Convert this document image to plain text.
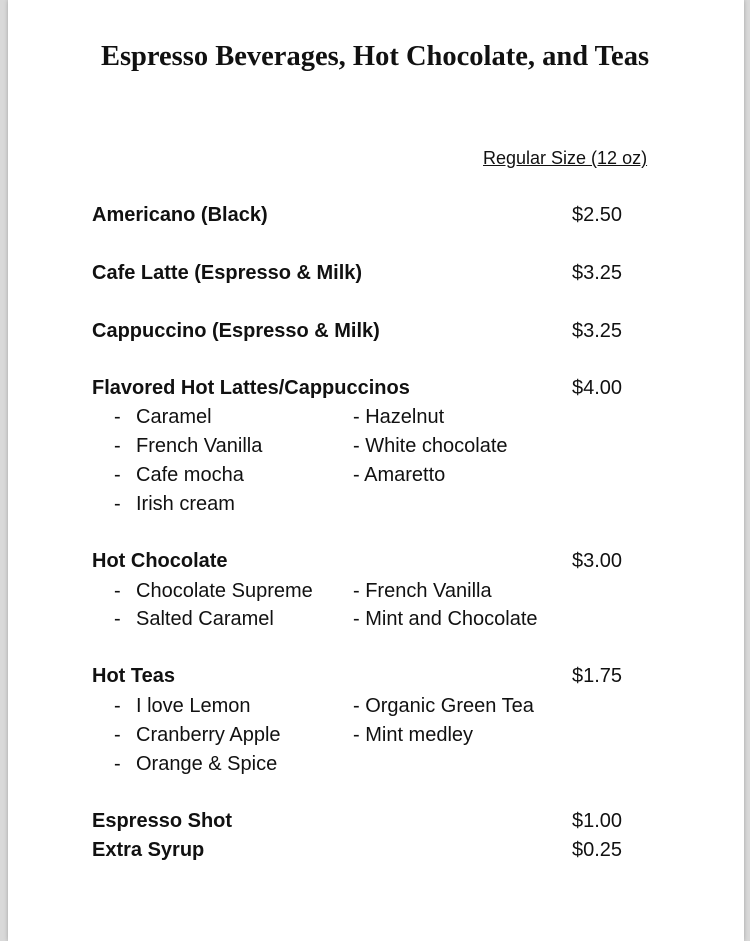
Espresso Beverages, Hot Chocolate, and Teas
Regular Size (12 oz)
Americano (Black)	$2.50
Cafe Latte (Espresso & Milk)	$3.25
Cappuccino (Espresso & Milk)	$3.25
Flavored Hot Lattes/Cappuccinos	$4.00
- Caramel
- French Vanilla
- Cafe mocha
- Irish cream
- Hazelnut
- White chocolate
- Amaretto
Hot Chocolate	$3.00
- Chocolate Supreme
- Salted Caramel
- French Vanilla
- Mint and Chocolate
Hot Teas	$1.75
- I love Lemon
- Cranberry Apple
- Orange & Spice
- Organic Green Tea
- Mint medley
Espresso Shot	$1.00
Extra Syrup	$0.25
